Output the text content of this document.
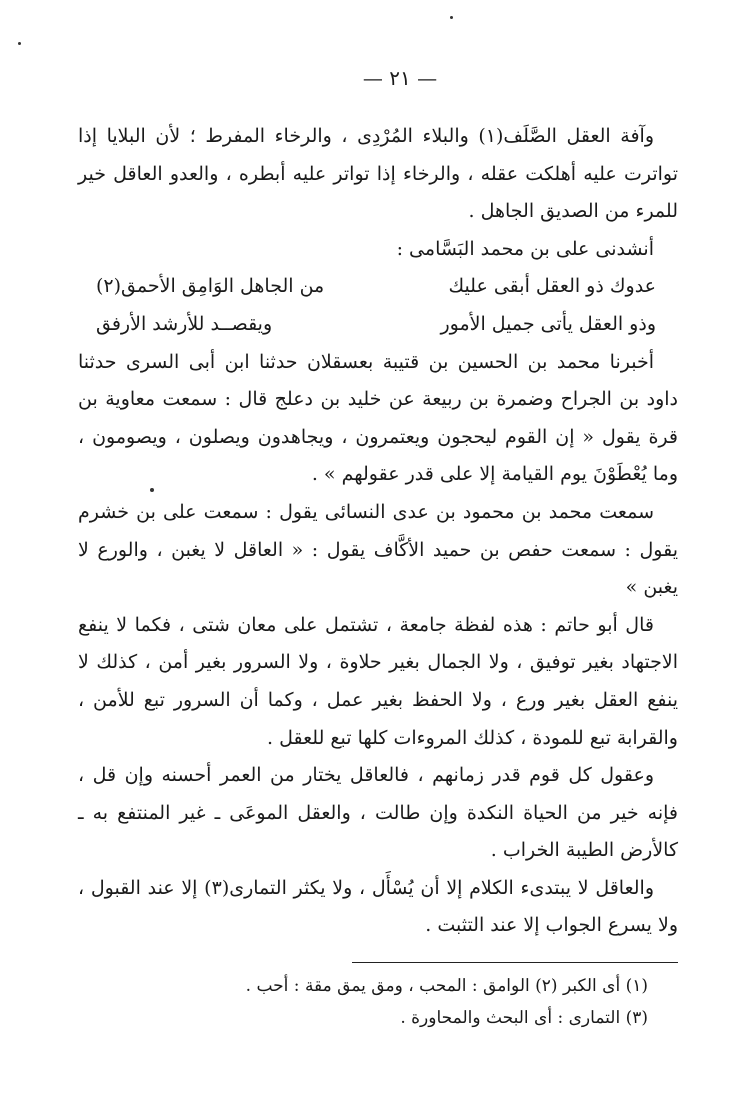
— ٢١ —

وآفة العقل الصَّلَف(١) والبلاء المُرْدِى ، والرخاء المفرط ؛ لأن البلايا إذا تواترت عليه أهلكت عقله ، والرخاء إذا تواتر عليه أبطره ، والعدو العاقل خير للمرء من الصديق الجاهل .

أنشدنى على بن محمد البَسَّامى :

عدوك ذو العقل أبقى عليك
من الجاهل الوَامِق الأحمق(٢)
وذو العقل يأتى جميل الأمور
ويقصــد للأرشد الأرفق

أخبرنا محمد بن الحسين بن قتيبة بعسقلان حدثنا ابن أبى السرى حدثنا داود بن الجراح وضمرة بن ربيعة عن خليد بن دعلج قال : سمعت معاوية بن قرة يقول « إن القوم ليحجون ويعتمرون ، ويجاهدون ويصلون ، ويصومون ، وما يُعْطَوْنَ يوم القيامة إلا على قدر عقولهم » .

سمعت محمد بن محمود بن عدى النسائى يقول : سمعت على بن خشرم يقول : سمعت حفص بن حميد الأكَّاف يقول : « العاقل لا يغبن ، والورع لا يغبن »

قال أبو حاتم : هذه لفظة جامعة ، تشتمل على معان شتى ، فكما لا ينفع الاجتهاد بغير توفيق ، ولا الجمال بغير حلاوة ، ولا السرور بغير أمن ، كذلك لا ينفع العقل بغير ورع ، ولا الحفظ بغير عمل ، وكما أن السرور تبع للأمن ، والقرابة تبع للمودة ، كذلك المروءات كلها تبع للعقل .

وعقول كل قوم قدر زمانهم ، فالعاقل يختار من العمر أحسنه وإن قل ، فإنه خير من الحياة النكدة وإن طالت ، والعقل الموعَى ـ غير المنتفع به ـ كالأرض الطيبة الخراب .

والعاقل لا يبتدىء الكلام إلا أن يُسْأَل ، ولا يكثر التمارى(٣) إلا عند القبول ، ولا يسرع الجواب إلا عند التثبت .

(١) أى الكبر (٢) الوامق : المحب ، ومق يمق مقة : أحب .

(٣) التمارى : أى البحث والمحاورة .
